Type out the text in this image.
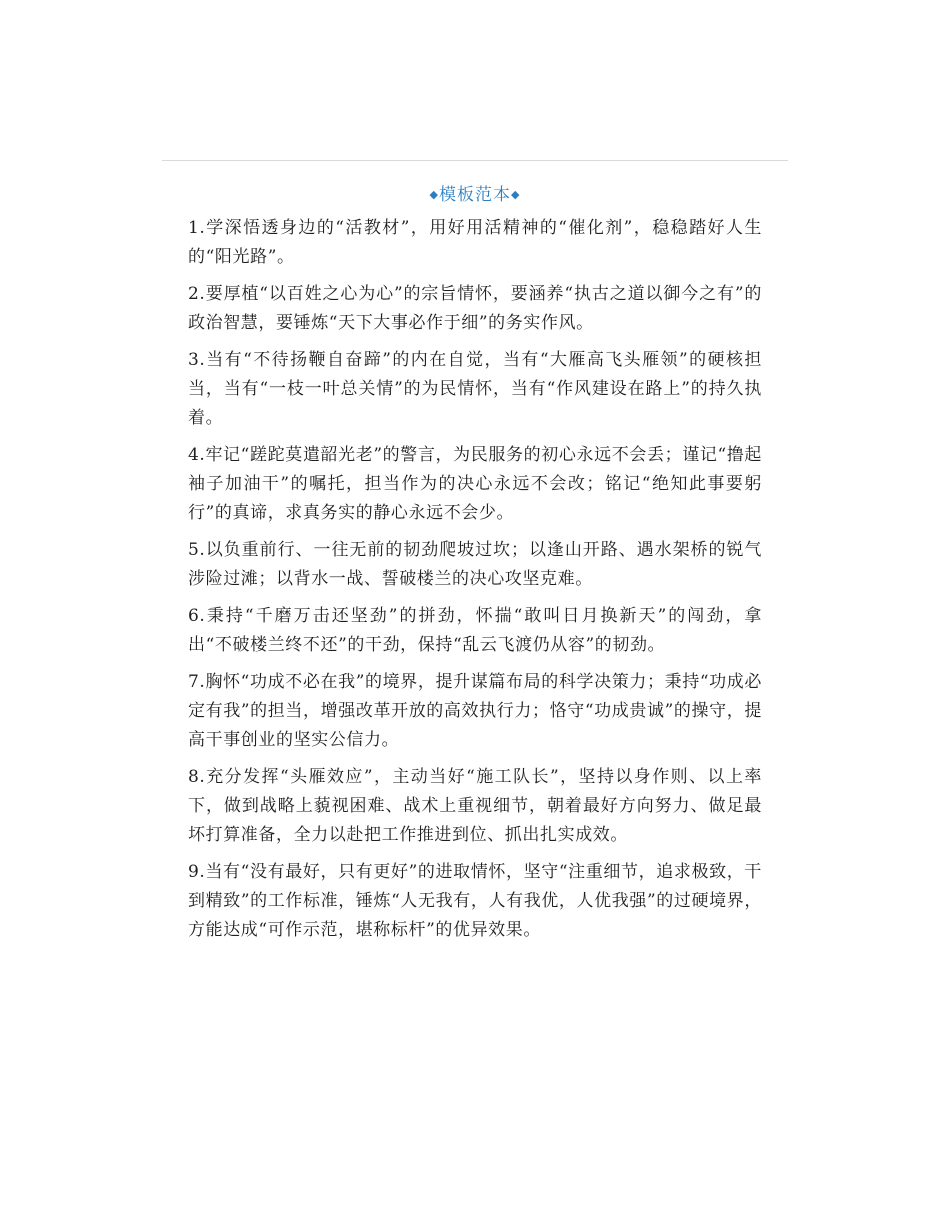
◆模板范本◆

1.学深悟透身边的“活教材”，用好用活精神的“催化剂”，稳稳踏好人生的“阳光路”。

2.要厚植“以百姓之心为心”的宗旨情怀，要涵养“执古之道以御今之有”的政治智慧，要锤炼“天下大事必作于细”的务实作风。

3.当有“不待扬鞭自奋蹄”的内在自觉，当有“大雁高飞头雁领”的硬核担当，当有“一枝一叶总关情”的为民情怀，当有“作风建设在路上”的持久执着。

4.牢记“蹉跎莫遣韶光老”的警言，为民服务的初心永远不会丢；谨记“撸起袖子加油干”的嘱托，担当作为的决心永远不会改；铭记“绝知此事要躬行”的真谛，求真务实的静心永远不会少。

5.以负重前行、一往无前的韧劲爬坡过坎；以逢山开路、遇水架桥的锐气涉险过滩；以背水一战、誓破楼兰的决心攻坚克难。

6.秉持“千磨万击还坚劲”的拼劲，怀揣“敢叫日月换新天”的闯劲，拿出“不破楼兰终不还”的干劲，保持“乱云飞渡仍从容”的韧劲。

7.胸怀“功成不必在我”的境界，提升谋篇布局的科学决策力；秉持“功成必定有我”的担当，增强改革开放的高效执行力；恪守“功成贵诚”的操守，提高干事创业的坚实公信力。

8.充分发挥“头雁效应”，主动当好“施工队长”，坚持以身作则、以上率下，做到战略上藐视困难、战术上重视细节，朝着最好方向努力、做足最坏打算准备，全力以赴把工作推进到位、抓出扎实成效。

9.当有“没有最好，只有更好”的进取情怀，坚守“注重细节，追求极致，干到精致”的工作标准，锤炼“人无我有，人有我优，人优我强”的过硬境界，方能达成“可作示范，堪称标杆”的优异效果。
